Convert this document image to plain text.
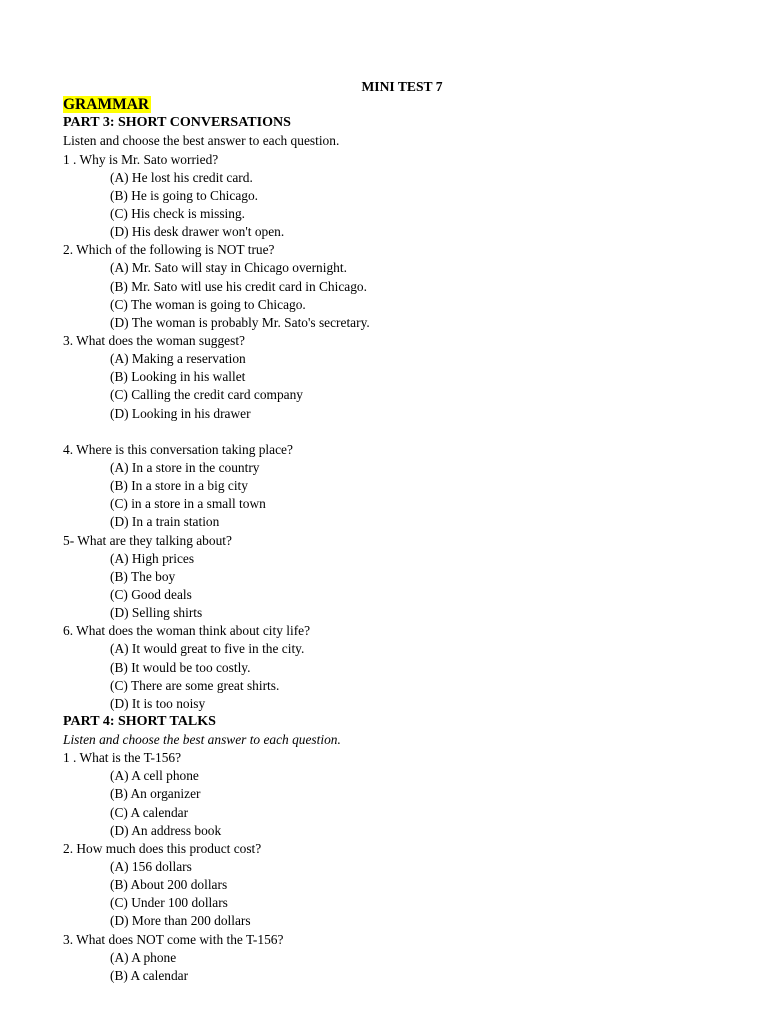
MINI TEST 7
GRAMMAR
PART 3: SHORT CONVERSATIONS
Listen and choose the best answer to each question.
1 . Why is Mr. Sato worried?
(A) He lost his credit card.
(B) He is going to Chicago.
(C) His check is missing.
(D) His desk drawer won't open.
2. Which of the following is NOT true?
(A) Mr. Sato will stay in Chicago overnight.
(B) Mr. Sato witl use his credit card in Chicago.
(C) The woman is going to Chicago.
(D) The woman is probably Mr. Sato's secretary.
3. What does the woman suggest?
(A) Making a reservation
(B) Looking in his wallet
(C) Calling the credit card company
(D) Looking in his drawer
4. Where is this conversation taking place?
(A) In a store in the country
(B) In a store in a big city
(C) in a store in a small town
(D) In a train station
5- What are they talking about?
(A) High prices
(B) The boy
(C) Good deals
(D) Selling shirts
6. What does the woman think about city life?
(A) It would great to five in the city.
(B) It would be too costly.
(C) There are some great shirts.
(D) It is too noisy
PART 4: SHORT TALKS
Listen and choose the best answer to each question.
1 . What is the T-156?
(A) A cell phone
(B) An organizer
(C) A calendar
(D) An address book
2. How much does this product cost?
(A) 156 dollars
(B) About 200 dollars
(C) Under 100 dollars
(D) More than 200 dollars
3. What does NOT come with the T-156?
(A) A phone
(B) A calendar
